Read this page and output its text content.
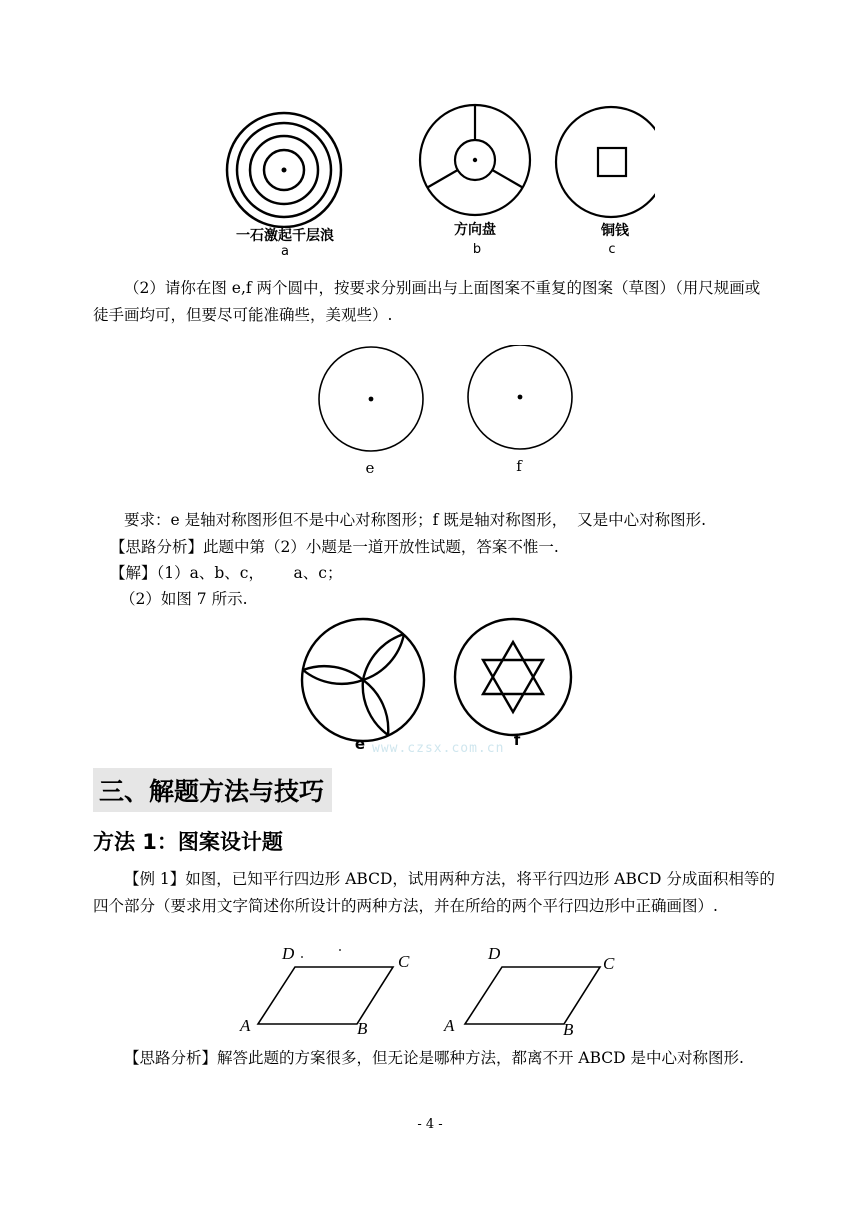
一石激起千层浪
a
方向盘
b
铜钱
c
（2）请你在图 e,f 两个圆中，按要求分别画出与上面图案不重复的图案（草图）（用尺规画或徒手画均可，但要尽可能准确些，美观些）.
e	f
要求：e 是轴对称图形但不是中心对称图形；f 既是轴对称图形，  又是中心对称图形.
【思路分析】此题中第（2）小题是一道开放性试题，答案不惟一.
【解】（1）a、b、c，      a、c；
（2）如图 7 所示.
e www.czsx.com.cn f
三、解题方法与技巧
方法 1：图案设计题
【例 1】如图，已知平行四边形 ABCD，试用两种方法，将平行四边形 ABCD 分成面积相等的四个部分（要求用文字简述你所设计的两种方法，并在所给的两个平行四边形中正确画图）.
D	C
A	B
D
C
A	B
【思路分析】解答此题的方案很多，但无论是哪种方法，都离不开 ABCD 是中心对称图形.
- 4 -
